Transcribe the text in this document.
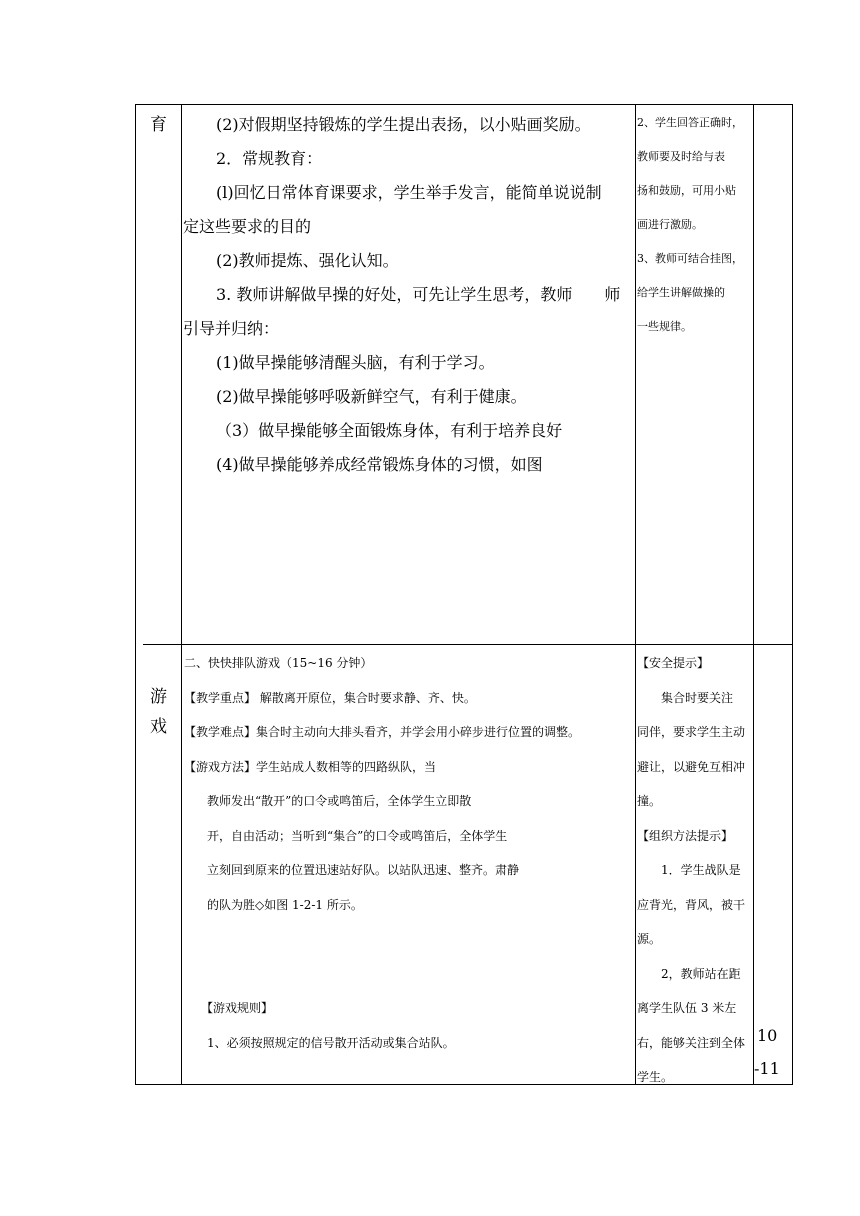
育	(2)对假期坚持锻炼的学生提出表扬，以小贴画奖励。
2．常规教育：
(l)回忆日常体育课要求，学生举手发言，能简单说说制
定这些要求的目的
(2)教师提炼、强化认知。
3. 教师讲解做早操的好处，可先让学生思考，教师　　师
引导并归纳：
(1)做早操能够清醒头脑，有利于学习。
(2)做早操能够呼吸新鲜空气，有利于健康。
（3）做早操能够全面锻炼身体，有利于培养良好
(4)做早操能够养成经常锻炼身体的习惯，如图
2、学生回答正确时，
教师要及时给与表
扬和鼓励，可用小贴
画进行激励。
3、教师可结合挂图，
给学生讲解做操的
一些规律。
游
戏
二、快快排队游戏（15~16 分钟）
【教学重点】 解散离开原位，集合时要求静、齐、快。
【教学难点】集合时主动向大排头看齐，并学会用小碎步进行位置的调整。
【游戏方法】学生站成人数相等的四路纵队，当
教师发出“散开”的口令或鸣笛后，全体学生立即散
开，自由活动；当听到“集合”的口令或鸣笛后，全体学生
立刻回到原来的位置迅速站好队。以站队迅速、整齐。肃静
的队为胜◇如图 1-2-1 所示。

【游戏规则】
1、必须按照规定的信号散开活动或集合站队。
【安全提示】
集合时要关注
同伴，要求学生主动
避让，以避免互相冲
撞。
【组织方法提示】
1．学生战队是
应背光，背风，被干
源。
2，教师站在距
离学生队伍 3 米左
右，能够关注到全体
学生。
10
-11
